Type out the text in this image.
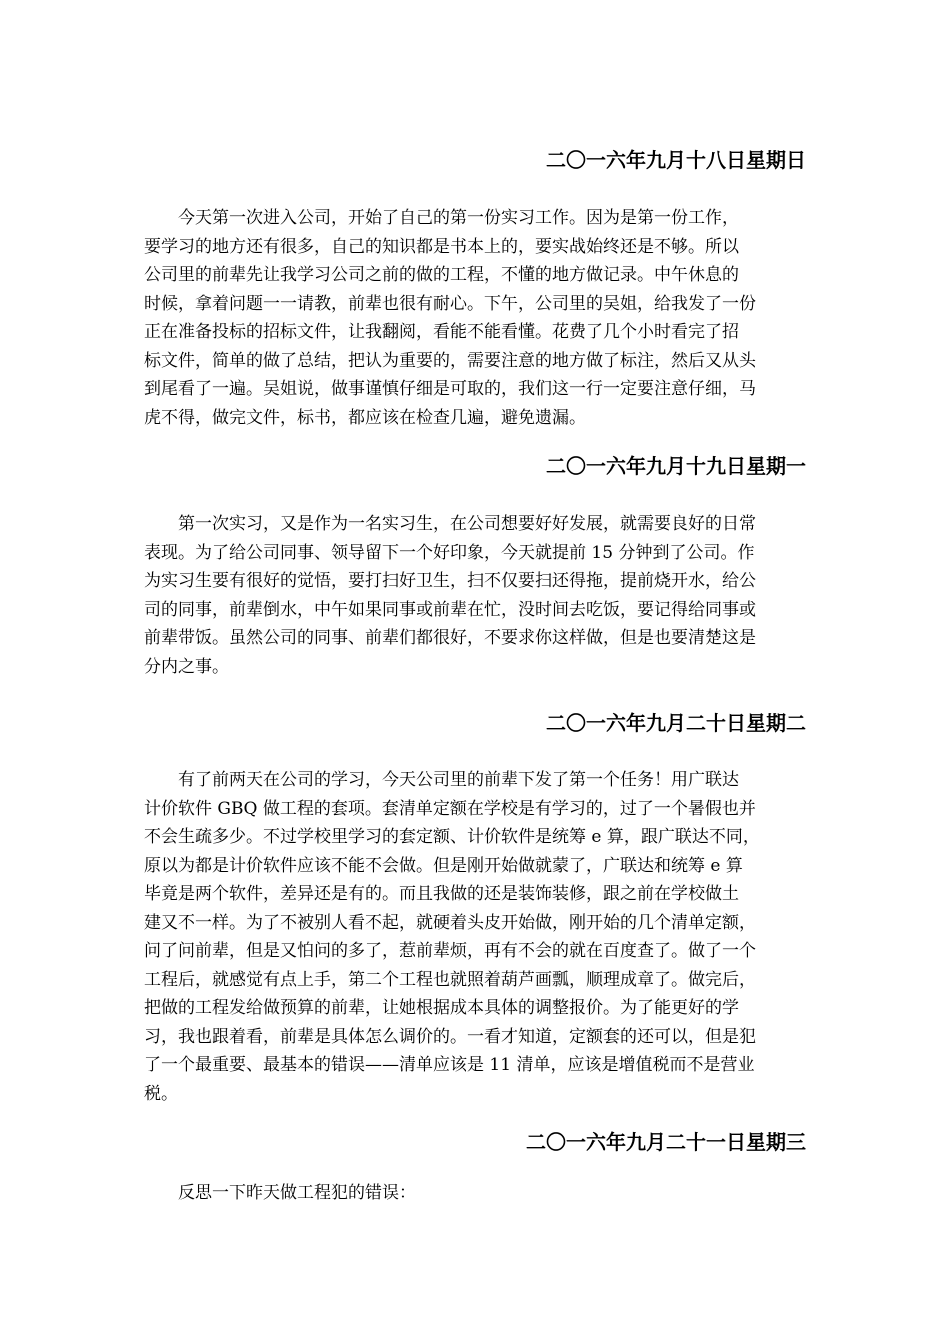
二〇一六年九月十八日星期日
今天第一次进入公司，开始了自己的第一份实习工作。因为是第一份工作，
要学习的地方还有很多，自己的知识都是书本上的，要实战始终还是不够。所以
公司里的前辈先让我学习公司之前的做的工程，不懂的地方做记录。中午休息的
时候，拿着问题一一请教，前辈也很有耐心。下午，公司里的吴姐，给我发了一份
正在准备投标的招标文件，让我翻阅，看能不能看懂。花费了几个小时看完了招
标文件，简单的做了总结，把认为重要的，需要注意的地方做了标注，然后又从头
到尾看了一遍。吴姐说，做事谨慎仔细是可取的，我们这一行一定要注意仔细，马
虎不得，做完文件，标书，都应该在检查几遍，避免遗漏。
二〇一六年九月十九日星期一
第一次实习，又是作为一名实习生，在公司想要好好发展，就需要良好的日常
表现。为了给公司同事、领导留下一个好印象，今天就提前 15 分钟到了公司。作
为实习生要有很好的觉悟，要打扫好卫生，扫不仅要扫还得拖，提前烧开水，给公
司的同事，前辈倒水，中午如果同事或前辈在忙，没时间去吃饭，要记得给同事或
前辈带饭。虽然公司的同事、前辈们都很好，不要求你这样做，但是也要清楚这是
分内之事。
二〇一六年九月二十日星期二
有了前两天在公司的学习，今天公司里的前辈下发了第一个任务！用广联达
计价软件 GBQ 做工程的套项。套清单定额在学校是有学习的，过了一个暑假也并
不会生疏多少。不过学校里学习的套定额、计价软件是统筹 e 算，跟广联达不同，
原以为都是计价软件应该不能不会做。但是刚开始做就蒙了，广联达和统筹 e 算
毕竟是两个软件，差异还是有的。而且我做的还是装饰装修，跟之前在学校做土
建又不一样。为了不被别人看不起，就硬着头皮开始做，刚开始的几个清单定额，
问了问前辈，但是又怕问的多了，惹前辈烦，再有不会的就在百度查了。做了一个
工程后，就感觉有点上手，第二个工程也就照着葫芦画瓢，顺理成章了。做完后，
把做的工程发给做预算的前辈，让她根据成本具体的调整报价。为了能更好的学
习，我也跟着看，前辈是具体怎么调价的。一看才知道，定额套的还可以，但是犯
了一个最重要、最基本的错误——清单应该是 11 清单，应该是增值税而不是营业
税。
二〇一六年九月二十一日星期三
反思一下昨天做工程犯的错误：
